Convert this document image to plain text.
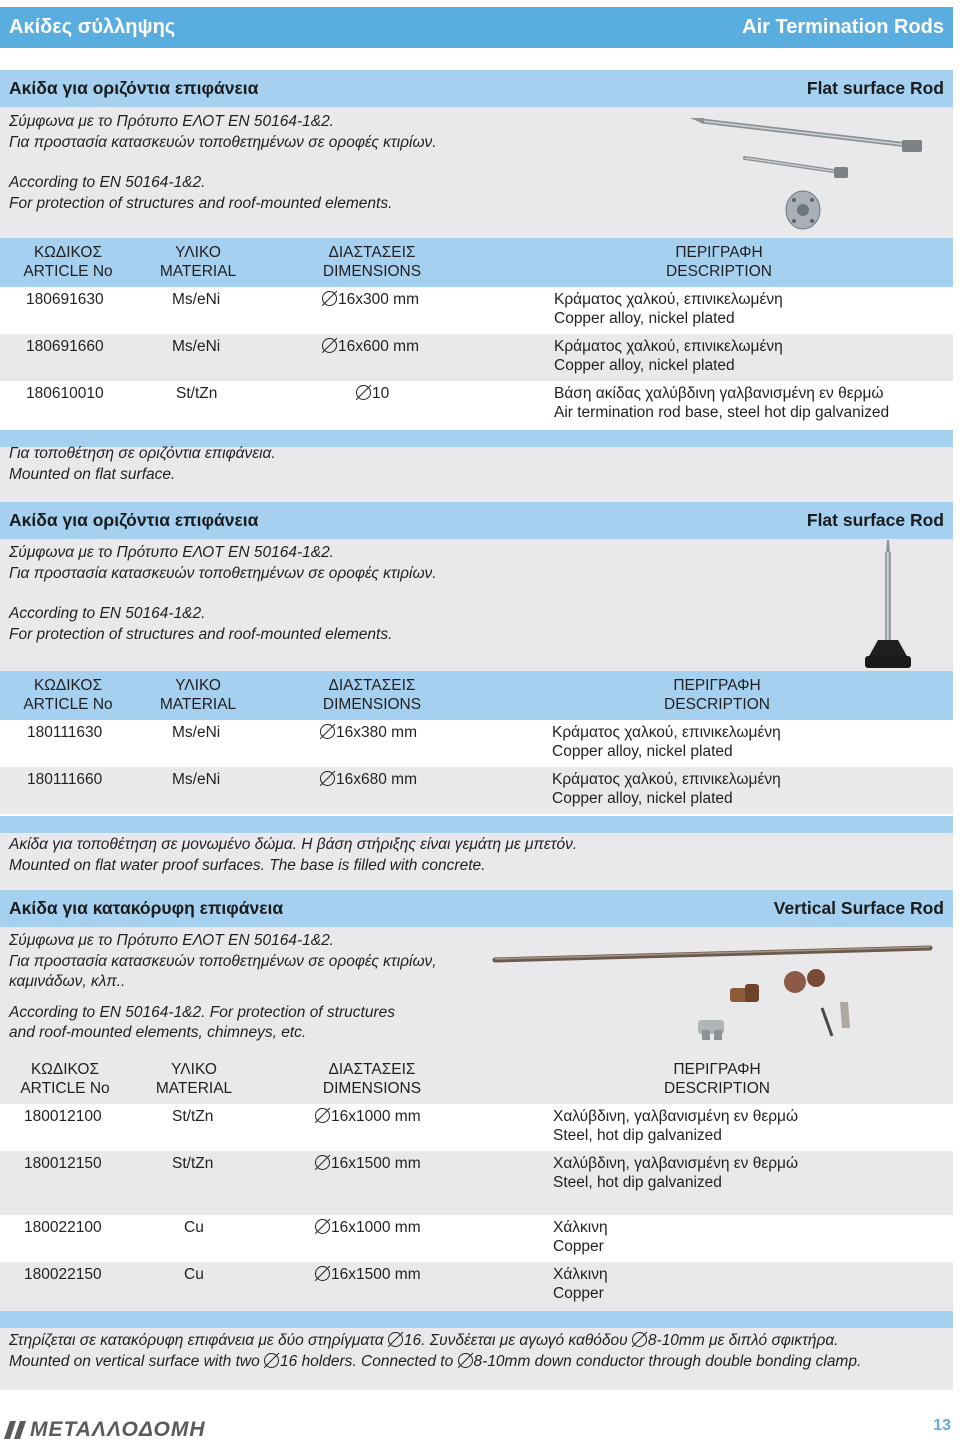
Ακίδες σύλληψης	Air Termination Rods
Ακίδα για οριζόντια επιφάνεια	Flat surface Rod

Σύμφωνα με το Πρότυπο ΕΛΟΤ ΕΝ 50164-1&2.

Για προστασία κατασκευών τοποθετημένων σε οροφές κτιρίων.

According to EN 50164-1&2.

For protection of structures and roof-mounted elements.

ΚΩΔΙΚΟΣ
ARTICLE No
ΥΛΙΚΟ
MATERIAL
ΔΙΑΣΤΑΣΕΙΣ
DIMENSIONS
ΠΕΡΙΓΡΑΦΗ
DESCRIPTION
180691630	Ms/eNi	16x300 mm	Κράματος χαλκού, επινικελωμένη
Copper alloy, nickel plated
180691660	Ms/eNi	16x600 mm	Κράματος χαλκού, επινικελωμένη
Copper alloy, nickel plated
180610010	St/tZn	10	Βάση ακίδας χαλύβδινη γαλβανισμένη εν θερμώ
Air termination rod base, steel hot dip galvanized

Για τοποθέτηση σε οριζόντια επιφάνεια.

Mounted on flat surface.

Ακίδα για οριζόντια επιφάνεια	Flat surface Rod

Σύμφωνα με το Πρότυπο ΕΛΟΤ ΕΝ 50164-1&2.

Για προστασία κατασκευών τοποθετημένων σε οροφές κτιρίων.

According to EN 50164-1&2.

For protection of structures and roof-mounted elements.

ΚΩΔΙΚΟΣ
ARTICLE No
ΥΛΙΚΟ
MATERIAL
ΔΙΑΣΤΑΣΕΙΣ
DIMENSIONS
ΠΕΡΙΓΡΑΦΗ
DESCRIPTION
180111630	Ms/eNi	16x380 mm	Κράματος χαλκού, επινικελωμένη
Copper alloy, nickel plated
180111660	Ms/eNi	16x680 mm	Κράματος χαλκού, επινικελωμένη
Copper alloy, nickel plated

Ακίδα για τοποθέτηση σε μονωμένο δώμα. Η βάση στήριξης είναι γεμάτη με μπετόν.

Mounted on flat water proof surfaces. The base is filled with concrete.

Ακίδα για κατακόρυφη επιφάνεια	Vertical Surface Rod

Σύμφωνα με το Πρότυπο ΕΛΟΤ ΕΝ 50164-1&2.

Για προστασία κατασκευών τοποθετημένων σε οροφές κτιρίων,

καμινάδων, κλπ..

According to EN 50164-1&2. For protection of structures

and roof-mounted elements, chimneys, etc.

ΚΩΔΙΚΟΣ
ARTICLE No
ΥΛΙΚΟ
MATERIAL
ΔΙΑΣΤΑΣΕΙΣ
DIMENSIONS
ΠΕΡΙΓΡΑΦΗ
DESCRIPTION
180012100	St/tZn	16x1000 mm	Χαλύβδινη, γαλβανισμένη εν θερμώ
Steel, hot dip galvanized
180012150	St/tZn	16x1500 mm	Χαλύβδινη, γαλβανισμένη εν θερμώ
Steel, hot dip galvanized
180022100	Cu	16x1000 mm	Χάλκινη
Copper
180022150	Cu	16x1500 mm	Χάλκινη
Copper

Στηρίζεται σε κατακόρυφη επιφάνεια με δύο στηρίγματα 16. Συνδέεται με αγωγό καθόδου 8-10mm με διπλό σφικτήρα.

Mounted on vertical surface with two 16 holders. Connected to 8-10mm down conductor through double bonding clamp.

ΜΕΤΑΛΛΟΔΟΜΗ	13
